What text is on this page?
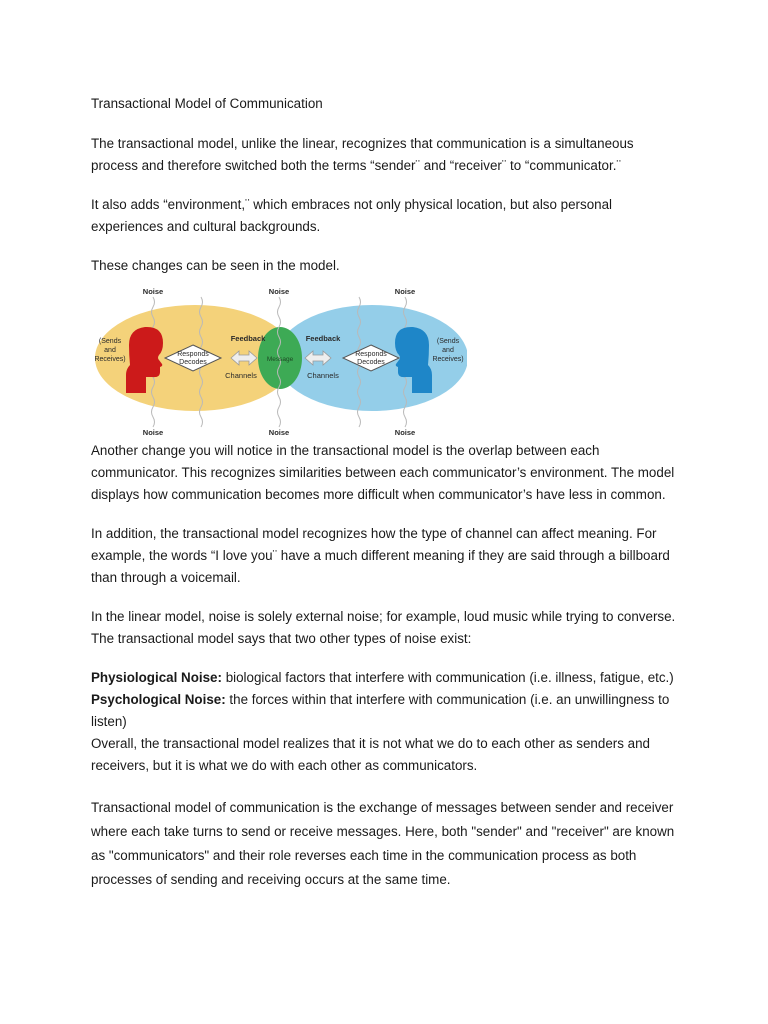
Transactional Model of Communication

The transactional model, unlike the linear, recognizes that communication is a simultaneous process and therefore switched both the terms “sender¨ and “receiver¨ to “communicator.¨

It also adds “environment,¨ which embraces not only physical location, but also personal experiences and cultural backgrounds.

These changes can be seen in the model.

Noise	Noise	Noise
Noise	Noise	Noise
(Sends
and
Receives)
(Sends
and
Receives)
Responds
Decodes
Responds
Decodes
Feedback	Feedback
Channels	Channels
Message

Another change you will notice in the transactional model is the overlap between each communicator. This recognizes similarities between each communicator’s environment. The model displays how communication becomes more difficult when communicator’s have less in common.

In addition, the transactional model recognizes how the type of channel can affect meaning. For example, the words “I love you¨ have a much different meaning if they are said through a billboard than through a voicemail.

In the linear model, noise is solely external noise; for example, loud music while trying to converse. The transactional model says that two other types of noise exist:

Physiological Noise: biological factors that interfere with communication (i.e. illness, fatigue, etc.)

Psychological Noise: the forces within that interfere with communication (i.e. an unwillingness to listen)

Overall, the transactional model realizes that it is not what we do to each other as senders and receivers, but it is what we do with each other as communicators.

Transactional model of communication is the exchange of messages between sender and receiver where each take turns to send or receive messages. Here, both "sender" and "receiver" are known as "communicators" and their role reverses each time in the communication process as both processes of sending and receiving occurs at the same time.
